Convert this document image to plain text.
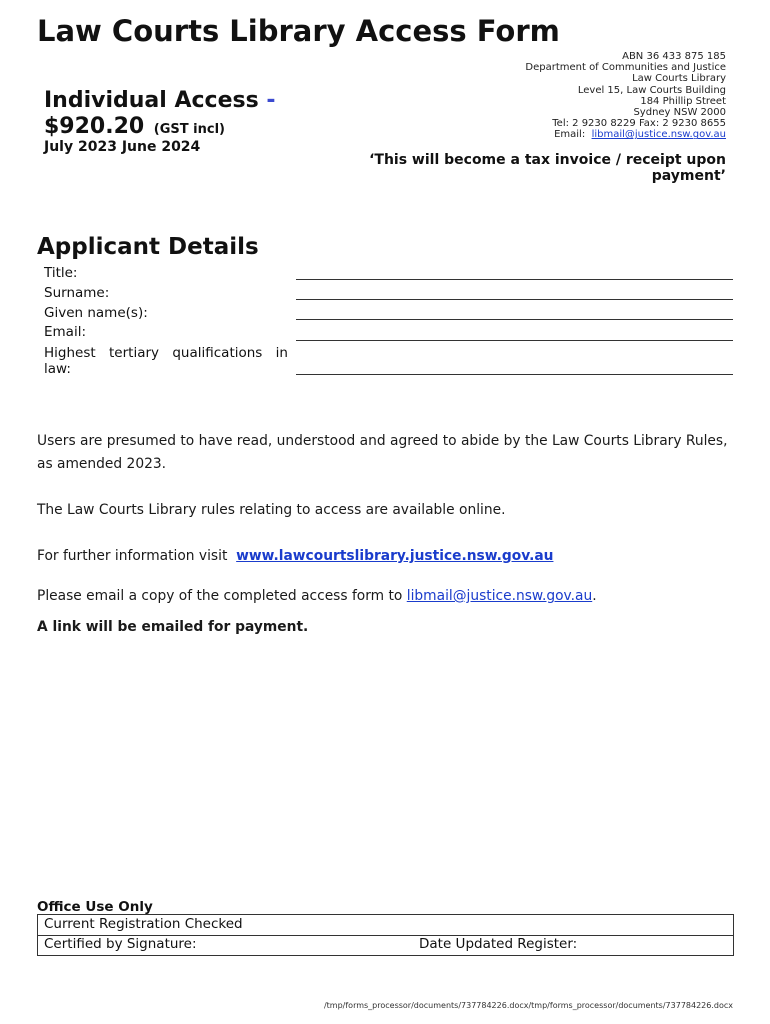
Law Courts Library Access Form
ABN 36 433 875 185
Department of Communities and Justice
Law Courts Library
Level 15, Law Courts Building
184 Phillip Street
Sydney NSW 2000
Tel: 2 9230 8229 Fax: 2 9230 8655
Email: libmail@justice.nsw.gov.au
Individual Access -
$920.20 (GST incl)
July 2023 June 2024
‘This will become a tax invoice / receipt upon payment’
Applicant Details
Title:
Surname:
Given name(s):
Email:
Highest tertiary qualifications in law:
Users are presumed to have read, understood and agreed to abide by the Law Courts Library Rules, as amended 2023.
The Law Courts Library rules relating to access are available online.
For further information visit www.lawcourtslibrary.justice.nsw.gov.au
Please email a copy of the completed access form to libmail@justice.nsw.gov.au.
A link will be emailed for payment.
Office Use Only
Current Registration Checked
Certified by Signature:	Date Updated Register:
/tmp/forms_processor/documents/737784226.docx/tmp/forms_processor/documents/737784226.docx
